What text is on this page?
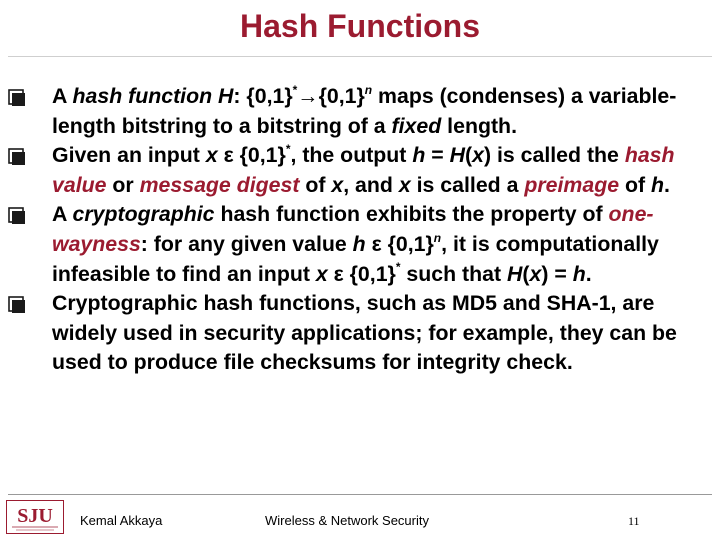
Hash Functions
A hash function H: $\{0,1\}^*\to\{0,1\}^n$ maps (condenses) a variable-length bitstring to a bitstring of a fixed length.
Given an input x ε {0,1}*, the output h = H(x) is called the hash value or message digest of x, and x is called a preimage of h.
A cryptographic hash function exhibits the property of one-wayness: for any given value h ε $\{0,1\}^n$, it is computationally infeasible to find an input x ε {0,1}* such that H(x) = h.
Cryptographic hash functions, such as MD5 and SHA-1, are widely used in security applications; for example, they can be used to produce file checksums for integrity check.
SJU Kemal Akkaya	Wireless & Network Security	11
